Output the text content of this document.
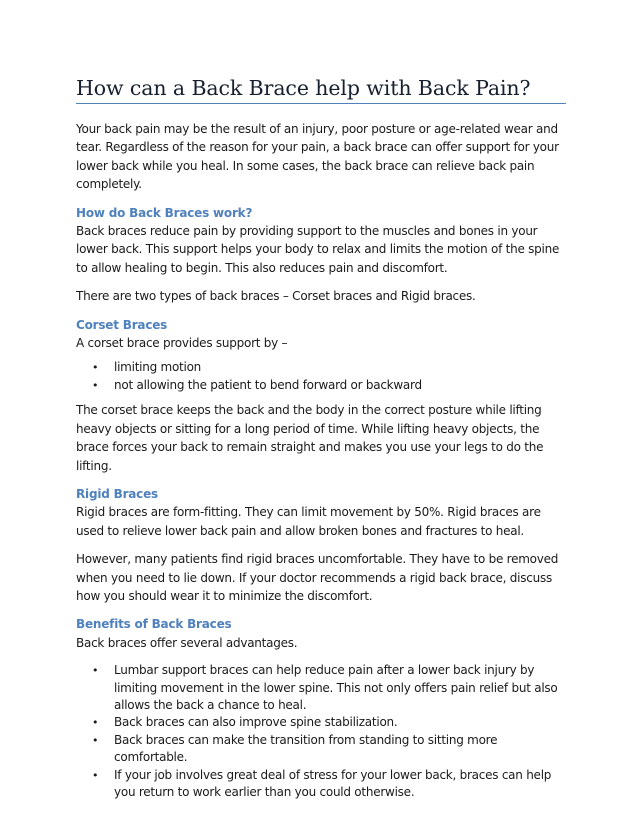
How can a Back Brace help with Back Pain?

Your back pain may be the result of an injury, poor posture or age-related wear and tear. Regardless of the reason for your pain, a back brace can offer support for your lower back while you heal. In some cases, the back brace can relieve back pain completely.

How do Back Braces work?

Back braces reduce pain by providing support to the muscles and bones in your lower back. This support helps your body to relax and limits the motion of the spine to allow healing to begin. This also reduces pain and discomfort.

There are two types of back braces – Corset braces and Rigid braces.

Corset Braces

A corset brace provides support by –

• limiting motion
• not allowing the patient to bend forward or backward

The corset brace keeps the back and the body in the correct posture while lifting heavy objects or sitting for a long period of time. While lifting heavy objects, the brace forces your back to remain straight and makes you use your legs to do the lifting.

Rigid Braces

Rigid braces are form-fitting. They can limit movement by 50%. Rigid braces are used to relieve lower back pain and allow broken bones and fractures to heal.

However, many patients find rigid braces uncomfortable. They have to be removed when you need to lie down. If your doctor recommends a rigid back brace, discuss how you should wear it to minimize the discomfort.

Benefits of Back Braces

Back braces offer several advantages.

• Lumbar support braces can help reduce pain after a lower back injury by limiting movement in the lower spine. This not only offers pain relief but also allows the back a chance to heal.
• Back braces can also improve spine stabilization.
• Back braces can make the transition from standing to sitting more comfortable.
• If your job involves great deal of stress for your lower back, braces can help you return to work earlier than you could otherwise.
